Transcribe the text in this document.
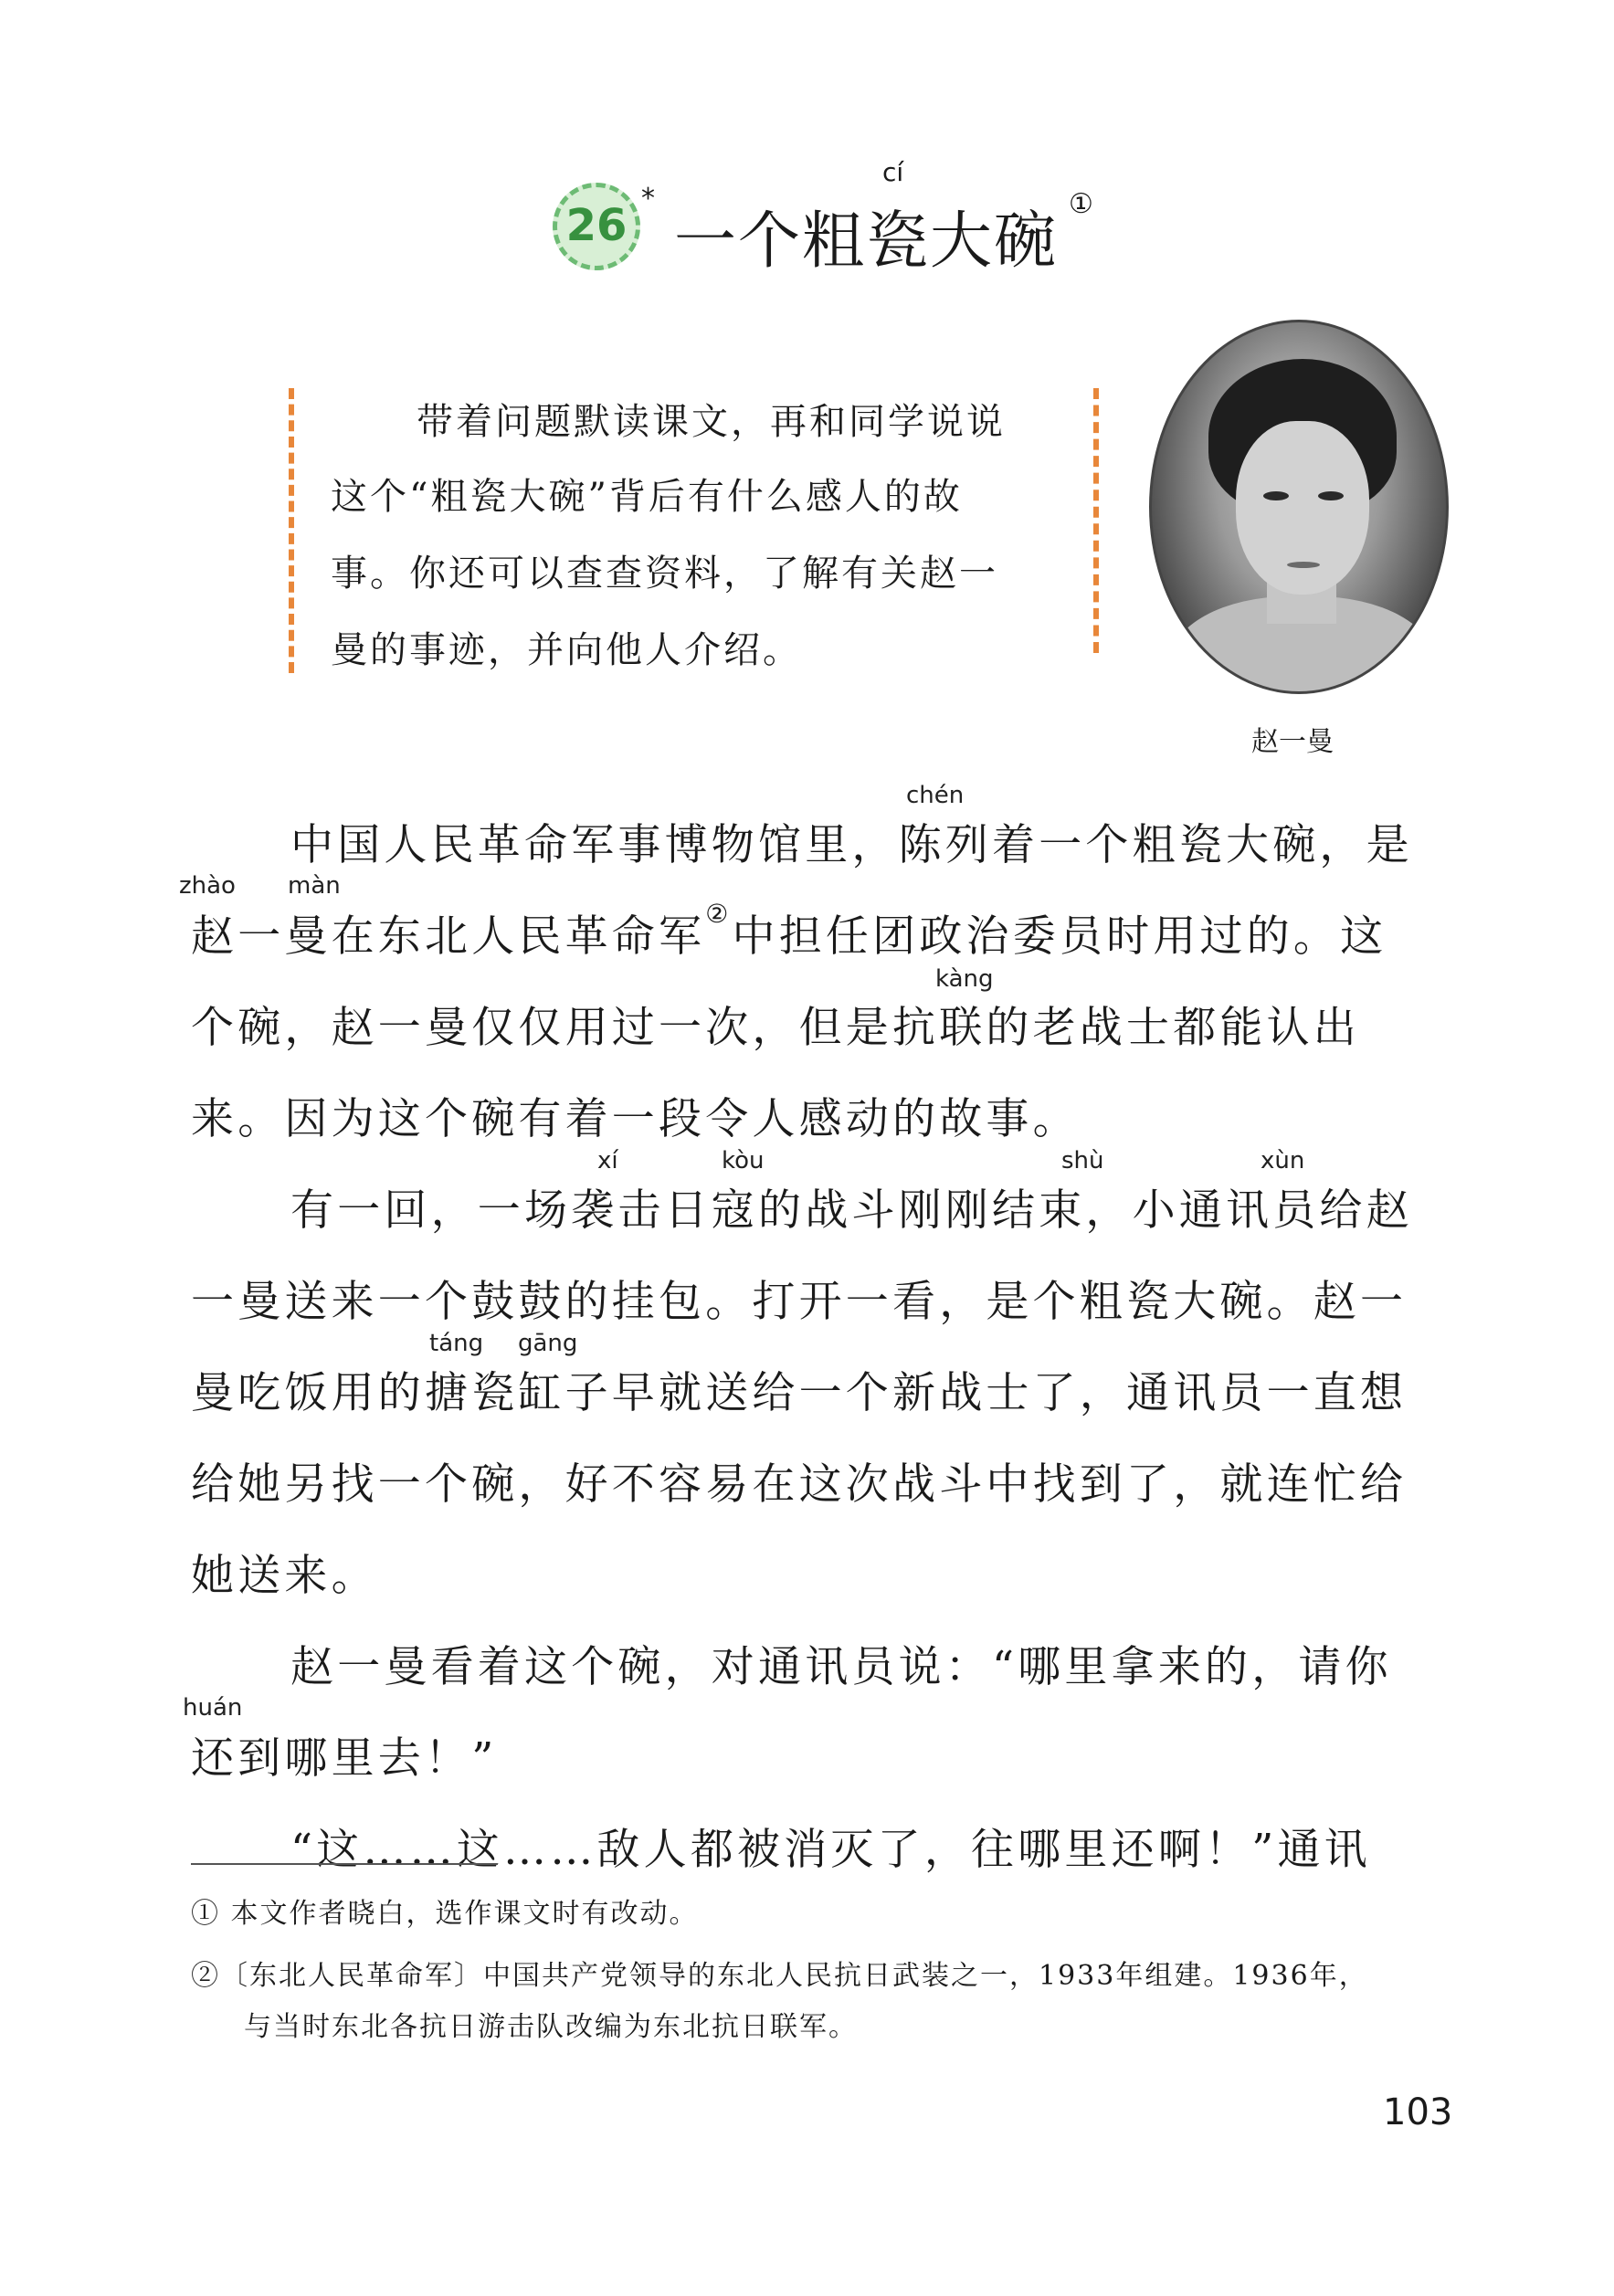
26
*
cí
一个粗瓷大碗
①
带着问题默读课文，再和同学说说
这个“粗瓷大碗”背后有什么感人的故
事。你还可以查查资料，了解有关赵一
曼的事迹，并向他人介绍。
赵一曼
chén
zhào màn
kàng
xí	kòu	shù	xùn
táng gāng
huán
中国人民革命军事博物馆里，陈列着一个粗瓷大碗，是
赵一曼在东北人民革命军②中担任团政治委员时用过的。这
个碗，赵一曼仅仅用过一次，但是抗联的老战士都能认出
来。因为这个碗有着一段令人感动的故事。
有一回，一场袭击日寇的战斗刚刚结束，小通讯员给赵
一曼送来一个鼓鼓的挂包。打开一看，是个粗瓷大碗。赵一
曼吃饭用的搪瓷缸子早就送给一个新战士了，通讯员一直想
给她另找一个碗，好不容易在这次战斗中找到了，就连忙给
她送来。
赵一曼看着这个碗，对通讯员说：“哪里拿来的，请你
还到哪里去！”
“这……这……敌人都被消灭了，往哪里还啊！”通讯
① 本文作者晓白，选作课文时有改动。
②〔东北人民革命军〕中国共产党领导的东北人民抗日武装之一，1933年组建。1936年，
与当时东北各抗日游击队改编为东北抗日联军。
103
